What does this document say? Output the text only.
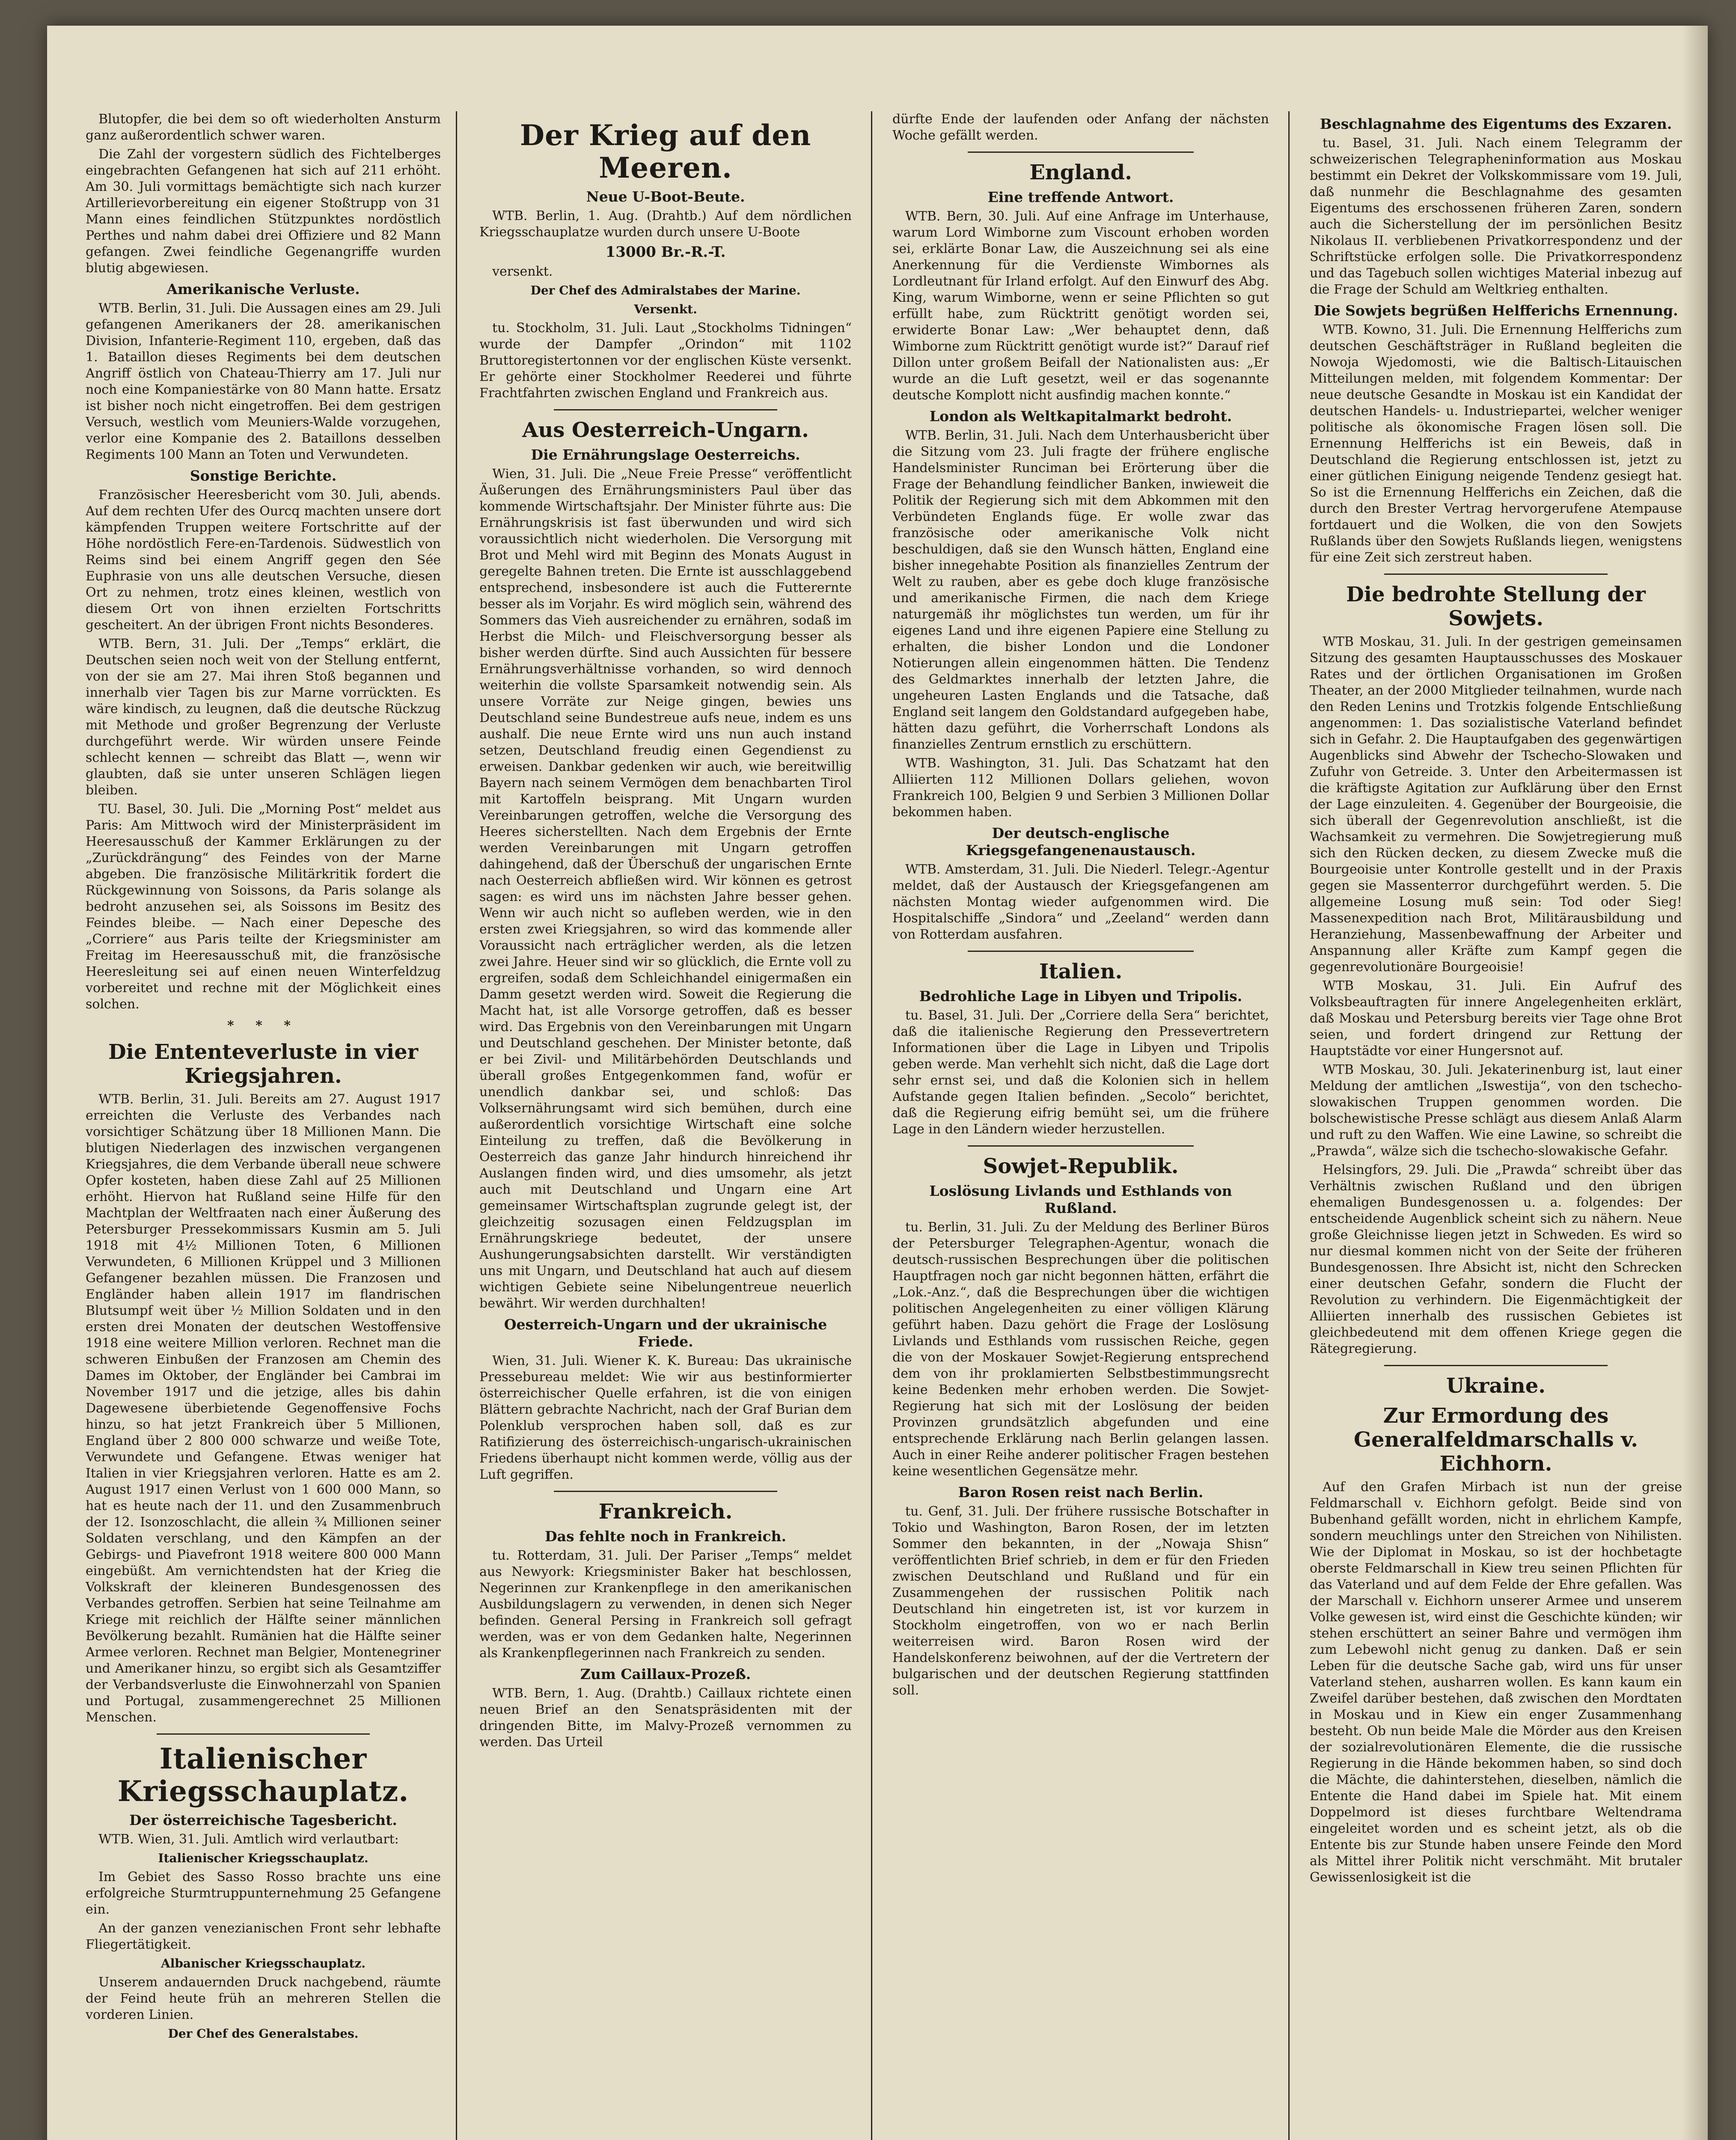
Blutopfer, die bei dem so oft wiederholten Ansturm ganz außerordentlich schwer waren.

Die Zahl der vorgestern südlich des Fichtelberges eingebrachten Gefangenen hat sich auf 211 erhöht. Am 30. Juli vormittags bemächtigte sich nach kurzer Artillerievorbereitung ein eigener Stoßtrupp von 31 Mann eines feindlichen Stützpunktes nordöstlich Perthes und nahm dabei drei Offiziere und 82 Mann gefangen. Zwei feindliche Gegenangriffe wurden blutig abgewiesen.

Amerikanische Verluste.

WTB. Berlin, 31. Juli. Die Aussagen eines am 29. Juli gefangenen Amerikaners der 28. amerikanischen Division, Infanterie-Regiment 110, ergeben, daß das 1. Bataillon dieses Regiments bei dem deutschen Angriff östlich von Chateau-Thierry am 17. Juli nur noch eine Kompaniestärke von 80 Mann hatte. Ersatz ist bisher noch nicht eingetroffen. Bei dem gestrigen Versuch, westlich vom Meuniers-Walde vorzugehen, verlor eine Kompanie des 2. Bataillons desselben Regiments 100 Mann an Toten und Verwundeten.

Sonstige Berichte.

Französischer Heeresbericht vom 30. Juli, abends. Auf dem rechten Ufer des Ourcq machten unsere dort kämpfenden Truppen weitere Fortschritte auf der Höhe nordöstlich Fere-en-Tardenois. Südwestlich von Reims sind bei einem Angriff gegen den Sée Euphrasie von uns alle deutschen Versuche, diesen Ort zu nehmen, trotz eines kleinen, westlich von diesem Ort von ihnen erzielten Fortschritts gescheitert. An der übrigen Front nichts Besonderes.

WTB. Bern, 31. Juli. Der „Temps“ erklärt, die Deutschen seien noch weit von der Stellung entfernt, von der sie am 27. Mai ihren Stoß begannen und innerhalb vier Tagen bis zur Marne vorrückten. Es wäre kindisch, zu leugnen, daß die deutsche Rückzug mit Methode und großer Begrenzung der Verluste durchgeführt werde. Wir würden unsere Feinde schlecht kennen — schreibt das Blatt —, wenn wir glaubten, daß sie unter unseren Schlägen liegen bleiben.

TU. Basel, 30. Juli. Die „Morning Post“ meldet aus Paris: Am Mittwoch wird der Ministerpräsident im Heeresausschuß der Kammer Erklärungen zu der „Zurückdrängung“ des Feindes von der Marne abgeben. Die französische Militärkritik fordert die Rückgewinnung von Soissons, da Paris solange als bedroht anzusehen sei, als Soissons im Besitz des Feindes bleibe. — Nach einer Depesche des „Corriere“ aus Paris teilte der Kriegsminister am Freitag im Heeresausschuß mit, die französische Heeresleitung sei auf einen neuen Winterfeldzug vorbereitet und rechne mit der Möglichkeit eines solchen.

* * *
Die Ententeverluste in vier Kriegsjahren.

WTB. Berlin, 31. Juli. Bereits am 27. August 1917 erreichten die Verluste des Verbandes nach vorsichtiger Schätzung über 18 Millionen Mann. Die blutigen Niederlagen des inzwischen vergangenen Kriegsjahres, die dem Verbande überall neue schwere Opfer kosteten, haben diese Zahl auf 25 Millionen erhöht. Hiervon hat Rußland seine Hilfe für den Machtplan der Weltfraaten nach einer Äußerung des Petersburger Pressekommissars Kusmin am 5. Juli 1918 mit 4½ Millionen Toten, 6 Millionen Verwundeten, 6 Millionen Krüppel und 3 Millionen Gefangener bezahlen müssen. Die Franzosen und Engländer haben allein 1917 im flandrischen Blutsumpf weit über ½ Million Soldaten und in den ersten drei Monaten der deutschen Westoffensive 1918 eine weitere Million verloren. Rechnet man die schweren Einbußen der Franzosen am Chemin des Dames im Oktober, der Engländer bei Cambrai im November 1917 und die jetzige, alles bis dahin Dagewesene überbietende Gegenoffensive Fochs hinzu, so hat jetzt Frankreich über 5 Millionen, England über 2 800 000 schwarze und weiße Tote, Verwundete und Gefangene. Etwas weniger hat Italien in vier Kriegsjahren verloren. Hatte es am 2. August 1917 einen Verlust von 1 600 000 Mann, so hat es heute nach der 11. und den Zusammenbruch der 12. Isonzoschlacht, die allein ¾ Millionen seiner Soldaten verschlang, und den Kämpfen an der Gebirgs- und Piavefront 1918 weitere 800 000 Mann eingebüßt. Am vernichtendsten hat der Krieg die Volkskraft der kleineren Bundesgenossen des Verbandes getroffen. Serbien hat seine Teilnahme am Kriege mit reichlich der Hälfte seiner männlichen Bevölkerung bezahlt. Rumänien hat die Hälfte seiner Armee verloren. Rechnet man Belgier, Montenegriner und Amerikaner hinzu, so ergibt sich als Gesamtziffer der Verbandsverluste die Einwohnerzahl von Spanien und Portugal, zusammengerechnet 25 Millionen Menschen.

Italienischer Kriegsschauplatz.
Der österreichische Tagesbericht.

WTB. Wien, 31. Juli. Amtlich wird verlautbart:

Italienischer Kriegsschauplatz.

Im Gebiet des Sasso Rosso brachte uns eine erfolgreiche Sturmtruppunternehmung 25 Gefangene ein.

An der ganzen venezianischen Front sehr lebhafte Fliegertätigkeit.

Albanischer Kriegsschauplatz.

Unserem andauernden Druck nachgebend, räumte der Feind heute früh an mehreren Stellen die vorderen Linien.

Der Chef des Generalstabes.
Der Krieg auf den Meeren.
Neue U-Boot-Beute.

WTB. Berlin, 1. Aug. (Drahtb.) Auf dem nördlichen Kriegsschauplatze wurden durch unsere U-Boote

13000 Br.-R.-T.

versenkt.

Der Chef des Admiralstabes der Marine.
Versenkt.

tu. Stockholm, 31. Juli. Laut „Stockholms Tidningen“ wurde der Dampfer „Orindon“ mit 1102 Bruttoregistertonnen vor der englischen Küste versenkt. Er gehörte einer Stockholmer Reederei und führte Frachtfahrten zwischen England und Frankreich aus.

Aus Oesterreich-Ungarn.
Die Ernährungslage Oesterreichs.

Wien, 31. Juli. Die „Neue Freie Presse“ veröffentlicht Äußerungen des Ernährungsministers Paul über das kommende Wirtschaftsjahr. Der Minister führte aus: Die Ernährungskrisis ist fast überwunden und wird sich voraussichtlich nicht wiederholen. Die Versorgung mit Brot und Mehl wird mit Beginn des Monats August in geregelte Bahnen treten. Die Ernte ist ausschlaggebend entsprechend, insbesondere ist auch die Futterernte besser als im Vorjahr. Es wird möglich sein, während des Sommers das Vieh ausreichender zu ernähren, sodaß im Herbst die Milch- und Fleischversorgung besser als bisher werden dürfte. Sind auch Aussichten für bessere Ernährungsverhältnisse vorhanden, so wird dennoch weiterhin die vollste Sparsamkeit notwendig sein. Als unsere Vorräte zur Neige gingen, bewies uns Deutschland seine Bundestreue aufs neue, indem es uns aushalf. Die neue Ernte wird uns nun auch instand setzen, Deutschland freudig einen Gegendienst zu erweisen. Dankbar gedenken wir auch, wie bereitwillig Bayern nach seinem Vermögen dem benachbarten Tirol mit Kartoffeln beisprang. Mit Ungarn wurden Vereinbarungen getroffen, welche die Versorgung des Heeres sicherstellten. Nach dem Ergebnis der Ernte werden Vereinbarungen mit Ungarn getroffen dahingehend, daß der Überschuß der ungarischen Ernte nach Oesterreich abfließen wird. Wir können es getrost sagen: es wird uns im nächsten Jahre besser gehen. Wenn wir auch nicht so aufleben werden, wie in den ersten zwei Kriegsjahren, so wird das kommende aller Voraussicht nach erträglicher werden, als die letzen zwei Jahre. Heuer sind wir so glücklich, die Ernte voll zu ergreifen, sodaß dem Schleichhandel einigermaßen ein Damm gesetzt werden wird. Soweit die Regierung die Macht hat, ist alle Vorsorge getroffen, daß es besser wird. Das Ergebnis von den Vereinbarungen mit Ungarn und Deutschland geschehen. Der Minister betonte, daß er bei Zivil- und Militärbehörden Deutschlands und überall großes Entgegenkommen fand, wofür er unendlich dankbar sei, und schloß: Das Volksernährungsamt wird sich bemühen, durch eine außerordentlich vorsichtige Wirtschaft eine solche Einteilung zu treffen, daß die Bevölkerung in Oesterreich das ganze Jahr hindurch hinreichend ihr Auslangen finden wird, und dies umsomehr, als jetzt auch mit Deutschland und Ungarn eine Art gemeinsamer Wirtschaftsplan zugrunde gelegt ist, der gleichzeitig sozusagen einen Feldzugsplan im Ernährungskriege bedeutet, der unsere Aushungerungsabsichten darstellt. Wir verständigten uns mit Ungarn, und Deutschland hat auch auf diesem wichtigen Gebiete seine Nibelungentreue neuerlich bewährt. Wir werden durchhalten!

Oesterreich-Ungarn und der ukrainische Friede.

Wien, 31. Juli. Wiener K. K. Bureau: Das ukrainische Pressebureau meldet: Wie wir aus bestinformierter österreichischer Quelle erfahren, ist die von einigen Blättern gebrachte Nachricht, nach der Graf Burian dem Polenklub versprochen haben soll, daß es zur Ratifizierung des österreichisch-ungarisch-ukrainischen Friedens überhaupt nicht kommen werde, völlig aus der Luft gegriffen.

Frankreich.
Das fehlte noch in Frankreich.

tu. Rotterdam, 31. Juli. Der Pariser „Temps“ meldet aus Newyork: Kriegsminister Baker hat beschlossen, Negerinnen zur Krankenpflege in den amerikanischen Ausbildungslagern zu verwenden, in denen sich Neger befinden. General Persing in Frankreich soll gefragt werden, was er von dem Gedanken halte, Negerinnen als Krankenpflegerinnen nach Frankreich zu senden.

Zum Caillaux-Prozeß.

WTB. Bern, 1. Aug. (Drahtb.) Caillaux richtete einen neuen Brief an den Senatspräsidenten mit der dringenden Bitte, im Malvy-Prozeß vernommen zu werden. Das Urteil

dürfte Ende der laufenden oder Anfang der nächsten Woche gefällt werden.

England.
Eine treffende Antwort.

WTB. Bern, 30. Juli. Auf eine Anfrage im Unterhause, warum Lord Wimborne zum Viscount erhoben worden sei, erklärte Bonar Law, die Auszeichnung sei als eine Anerkennung für die Verdienste Wimbornes als Lordleutnant für Irland erfolgt. Auf den Einwurf des Abg. King, warum Wimborne, wenn er seine Pflichten so gut erfüllt habe, zum Rücktritt genötigt worden sei, erwiderte Bonar Law: „Wer behauptet denn, daß Wimborne zum Rücktritt genötigt wurde ist?“ Darauf rief Dillon unter großem Beifall der Nationalisten aus: „Er wurde an die Luft gesetzt, weil er das sogenannte deutsche Komplott nicht ausfindig machen konnte.“

London als Weltkapitalmarkt bedroht.

WTB. Berlin, 31. Juli. Nach dem Unterhausbericht über die Sitzung vom 23. Juli fragte der frühere englische Handelsminister Runciman bei Erörterung über die Frage der Behandlung feindlicher Banken, inwieweit die Politik der Regierung sich mit dem Abkommen mit den Verbündeten Englands füge. Er wolle zwar das französische oder amerikanische Volk nicht beschuldigen, daß sie den Wunsch hätten, England eine bisher innegehabte Position als finanzielles Zentrum der Welt zu rauben, aber es gebe doch kluge französische und amerikanische Firmen, die nach dem Kriege naturgemäß ihr möglichstes tun werden, um für ihr eigenes Land und ihre eigenen Papiere eine Stellung zu erhalten, die bisher London und die Londoner Notierungen allein eingenommen hätten. Die Tendenz des Geldmarktes innerhalb der letzten Jahre, die ungeheuren Lasten Englands und die Tatsache, daß England seit langem den Goldstandard aufgegeben habe, hätten dazu geführt, die Vorherrschaft Londons als finanzielles Zentrum ernstlich zu erschüttern.

WTB. Washington, 31. Juli. Das Schatzamt hat den Alliierten 112 Millionen Dollars geliehen, wovon Frankreich 100, Belgien 9 und Serbien 3 Millionen Dollar bekommen haben.

Der deutsch-englische Kriegsgefangenenaustausch.

WTB. Amsterdam, 31. Juli. Die Niederl. Telegr.-Agentur meldet, daß der Austausch der Kriegsgefangenen am nächsten Montag wieder aufgenommen wird. Die Hospitalschiffe „Sindora“ und „Zeeland“ werden dann von Rotterdam ausfahren.

Italien.
Bedrohliche Lage in Libyen und Tripolis.

tu. Basel, 31. Juli. Der „Corriere della Sera“ berichtet, daß die italienische Regierung den Pressevertretern Informationen über die Lage in Libyen und Tripolis geben werde. Man verhehlt sich nicht, daß die Lage dort sehr ernst sei, und daß die Kolonien sich in hellem Aufstande gegen Italien befinden. „Secolo“ berichtet, daß die Regierung eifrig bemüht sei, um die frühere Lage in den Ländern wieder herzustellen.

Sowjet-Republik.
Loslösung Livlands und Esthlands von Rußland.

tu. Berlin, 31. Juli. Zu der Meldung des Berliner Büros der Petersburger Telegraphen-Agentur, wonach die deutsch-russischen Besprechungen über die politischen Hauptfragen noch gar nicht begonnen hätten, erfährt die „Lok.-Anz.“, daß die Besprechungen über die wichtigen politischen Angelegenheiten zu einer völligen Klärung geführt haben. Dazu gehört die Frage der Loslösung Livlands und Esthlands vom russischen Reiche, gegen die von der Moskauer Sowjet-Regierung entsprechend dem von ihr proklamierten Selbstbestimmungsrecht keine Bedenken mehr erhoben werden. Die Sowjet-Regierung hat sich mit der Loslösung der beiden Provinzen grundsätzlich abgefunden und eine entsprechende Erklärung nach Berlin gelangen lassen. Auch in einer Reihe anderer politischer Fragen bestehen keine wesentlichen Gegensätze mehr.

Baron Rosen reist nach Berlin.

tu. Genf, 31. Juli. Der frühere russische Botschafter in Tokio und Washington, Baron Rosen, der im letzten Sommer den bekannten, in der „Nowaja Shisn“ veröffentlichten Brief schrieb, in dem er für den Frieden zwischen Deutschland und Rußland und für ein Zusammengehen der russischen Politik nach Deutschland hin eingetreten ist, ist vor kurzem in Stockholm eingetroffen, von wo er nach Berlin weiterreisen wird. Baron Rosen wird der Handelskonferenz beiwohnen, auf der die Vertretern der bulgarischen und der deutschen Regierung stattfinden soll.

Beschlagnahme des Eigentums des Exzaren.

tu. Basel, 31. Juli. Nach einem Telegramm der schweizerischen Telegrapheninformation aus Moskau bestimmt ein Dekret der Volkskommissare vom 19. Juli, daß nunmehr die Beschlagnahme des gesamten Eigentums des erschossenen früheren Zaren, sondern auch die Sicherstellung der im persönlichen Besitz Nikolaus II. verbliebenen Privatkorrespondenz und der Schriftstücke erfolgen solle. Die Privatkorrespondenz und das Tagebuch sollen wichtiges Material inbezug auf die Frage der Schuld am Weltkrieg enthalten.

Die Sowjets begrüßen Helfferichs Ernennung.

WTB. Kowno, 31. Juli. Die Ernennung Helfferichs zum deutschen Geschäftsträger in Rußland begleiten die Nowoja Wjedomosti, wie die Baltisch-Litauischen Mitteilungen melden, mit folgendem Kommentar: Der neue deutsche Gesandte in Moskau ist ein Kandidat der deutschen Handels- u. Industriepartei, welcher weniger politische als ökonomische Fragen lösen soll. Die Ernennung Helfferichs ist ein Beweis, daß in Deutschland die Regierung entschlossen ist, jetzt zu einer gütlichen Einigung neigende Tendenz gesiegt hat. So ist die Ernennung Helfferichs ein Zeichen, daß die durch den Brester Vertrag hervorgerufene Atempause fortdauert und die Wolken, die von den Sowjets Rußlands über den Sowjets Rußlands liegen, wenigstens für eine Zeit sich zerstreut haben.

Die bedrohte Stellung der Sowjets.

WTB Moskau, 31. Juli. In der gestrigen gemeinsamen Sitzung des gesamten Hauptausschusses des Moskauer Rates und der örtlichen Organisationen im Großen Theater, an der 2000 Mitglieder teilnahmen, wurde nach den Reden Lenins und Trotzkis folgende Entschließung angenommen: 1. Das sozialistische Vaterland befindet sich in Gefahr. 2. Die Hauptaufgaben des gegenwärtigen Augenblicks sind Abwehr der Tschecho-Slowaken und Zufuhr von Getreide. 3. Unter den Arbeitermassen ist die kräftigste Agitation zur Aufklärung über den Ernst der Lage einzuleiten. 4. Gegenüber der Bourgeoisie, die sich überall der Gegenrevolution anschließt, ist die Wachsamkeit zu vermehren. Die Sowjetregierung muß sich den Rücken decken, zu diesem Zwecke muß die Bourgeoisie unter Kontrolle gestellt und in der Praxis gegen sie Massenterror durchgeführt werden. 5. Die allgemeine Losung muß sein: Tod oder Sieg! Massenexpedition nach Brot, Militärausbildung und Heranziehung, Massenbewaffnung der Arbeiter und Anspannung aller Kräfte zum Kampf gegen die gegenrevolutionäre Bourgeoisie!

WTB Moskau, 31. Juli. Ein Aufruf des Volksbeauftragten für innere Angelegenheiten erklärt, daß Moskau und Petersburg bereits vier Tage ohne Brot seien, und fordert dringend zur Rettung der Hauptstädte vor einer Hungersnot auf.

WTB Moskau, 30. Juli. Jekaterinenburg ist, laut einer Meldung der amtlichen „Iswestija“, von den tschecho-slowakischen Truppen genommen worden. Die bolschewistische Presse schlägt aus diesem Anlaß Alarm und ruft zu den Waffen. Wie eine Lawine, so schreibt die „Prawda“, wälze sich die tschecho-slowakische Gefahr.

Helsingfors, 29. Juli. Die „Prawda“ schreibt über das Verhältnis zwischen Rußland und den übrigen ehemaligen Bundesgenossen u. a. folgendes: Der entscheidende Augenblick scheint sich zu nähern. Neue große Gleichnisse liegen jetzt in Schweden. Es wird so nur diesmal kommen nicht von der Seite der früheren Bundesgenossen. Ihre Absicht ist, nicht den Schrecken einer deutschen Gefahr, sondern die Flucht der Revolution zu verhindern. Die Eigenmächtigkeit der Alliierten innerhalb des russischen Gebietes ist gleichbedeutend mit dem offenen Kriege gegen die Rätegregierung.

Ukraine.
Zur Ermordung des Generalfeldmarschalls v. Eichhorn.

Auf den Grafen Mirbach ist nun der greise Feldmarschall v. Eichhorn gefolgt. Beide sind von Bubenhand gefällt worden, nicht in ehrlichem Kampfe, sondern meuchlings unter den Streichen von Nihilisten. Wie der Diplomat in Moskau, so ist der hochbetagte oberste Feldmarschall in Kiew treu seinen Pflichten für das Vaterland und auf dem Felde der Ehre gefallen. Was der Marschall v. Eichhorn unserer Armee und unserem Volke gewesen ist, wird einst die Geschichte künden; wir stehen erschüttert an seiner Bahre und vermögen ihm zum Lebewohl nicht genug zu danken. Daß er sein Leben für die deutsche Sache gab, wird uns für unser Vaterland stehen, ausharren wollen. Es kann kaum ein Zweifel darüber bestehen, daß zwischen den Mordtaten in Moskau und in Kiew ein enger Zusammenhang besteht. Ob nun beide Male die Mörder aus den Kreisen der sozialrevolutionären Elemente, die die russische Regierung in die Hände bekommen haben, so sind doch die Mächte, die dahinterstehen, dieselben, nämlich die Entente die Hand dabei im Spiele hat. Mit einem Doppelmord ist dieses furchtbare Weltendrama eingeleitet worden und es scheint jetzt, als ob die Entente bis zur Stunde haben unsere Feinde den Mord als Mittel ihrer Politik nicht verschmäht. Mit brutaler Gewissenlosigkeit ist die
